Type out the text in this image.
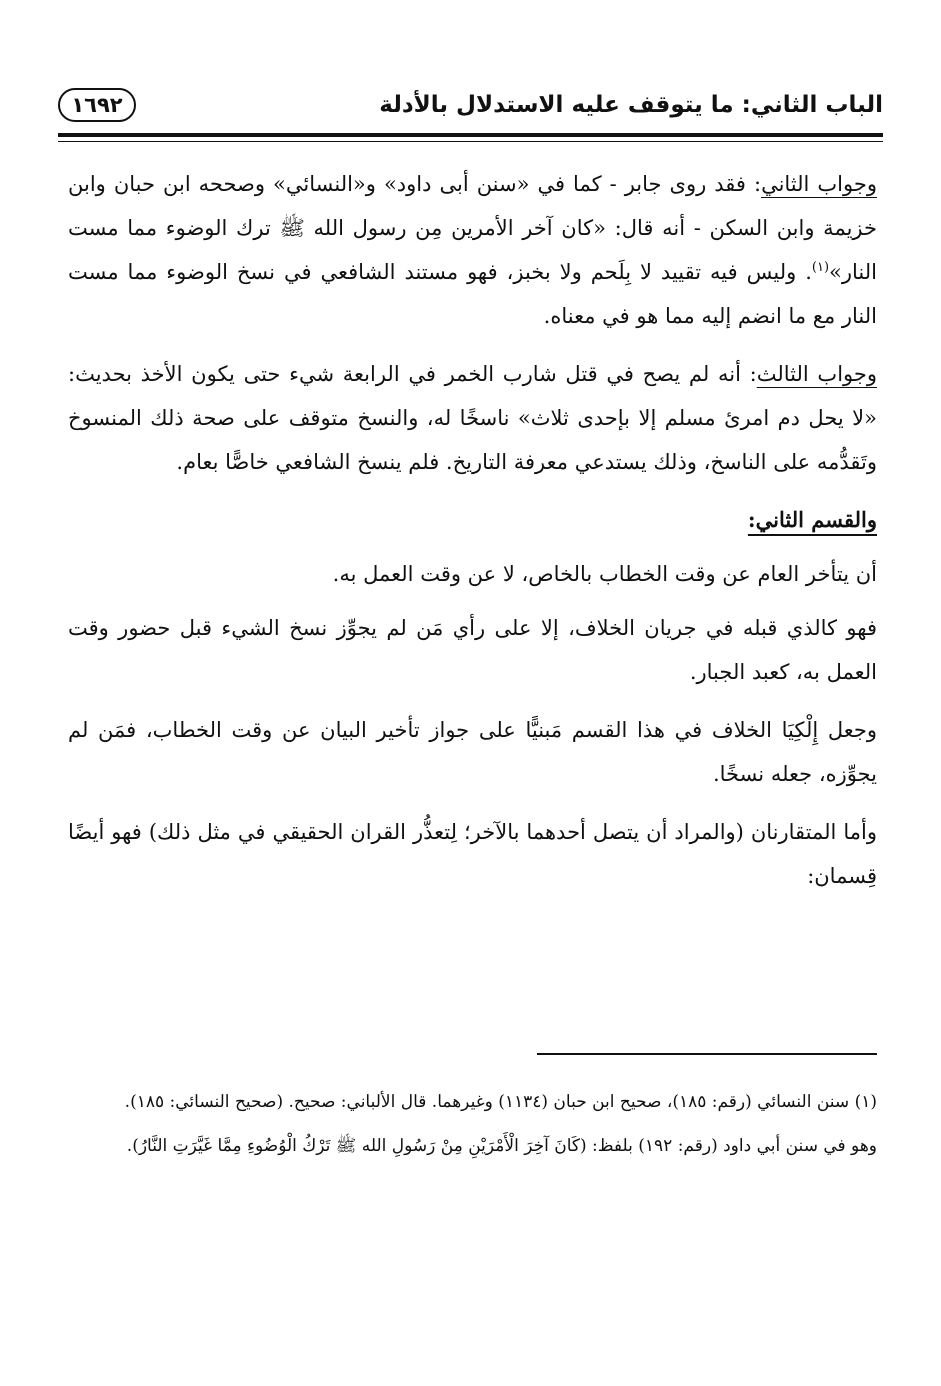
الباب الثاني: ما يتوقف عليه الاستدلال بالأدلة
١٦٩٢

وجواب الثاني: فقد روى جابر - كما في «سنن أبى داود» و«النسائي» وصححه ابن حبان وابن خزيمة وابن السكن - أنه قال: «كان آخر الأمرين مِن رسول الله ﷺ ترك الوضوء مما مست النار»$^{(١)}$. وليس فيه تقييد لا بِلَحم ولا بخبز، فهو مستند الشافعي في نسخ الوضوء مما مست النار مع ما انضم إليه مما هو في معناه.

وجواب الثالث: أنه لم يصح في قتل شارب الخمر في الرابعة شيء حتى يكون الأخذ بحديث: «لا يحل دم امرئ مسلم إلا بإحدى ثلاث» ناسخًا له، والنسخ متوقف على صحة ذلك المنسوخ وتَقدُّمه على الناسخ، وذلك يستدعي معرفة التاريخ. فلم ينسخ الشافعي خاصًّا بعام.

والقسم الثاني:

أن يتأخر العام عن وقت الخطاب بالخاص، لا عن وقت العمل به.

فهو كالذي قبله في جريان الخلاف، إلا على رأي مَن لم يجوِّز نسخ الشيء قبل حضور وقت العمل به، كعبد الجبار.

وجعل إِلْكِيَا الخلاف في هذا القسم مَبنيًّا على جواز تأخير البيان عن وقت الخطاب، فمَن لم يجوِّزه، جعله نسخًا.

وأما المتقارنان (والمراد أن يتصل أحدهما بالآخر؛ لِتعذُّر القران الحقيقي في مثل ذلك) فهو أيضًا قِسمان:

(١) سنن النسائي (رقم: ١٨٥)، صحيح ابن حبان (١١٣٤) وغيرهما. قال الألباني: صحيح. (صحيح النسائي: ١٨٥).

وهو في سنن أبي داود (رقم: ١٩٢) بلفظ: (كَانَ آخِرَ الْأَمْرَيْنِ مِنْ رَسُولِ الله ﷺ تَرْكُ الْوُضُوءِ مِمَّا غَيَّرَتِ النَّارُ).
